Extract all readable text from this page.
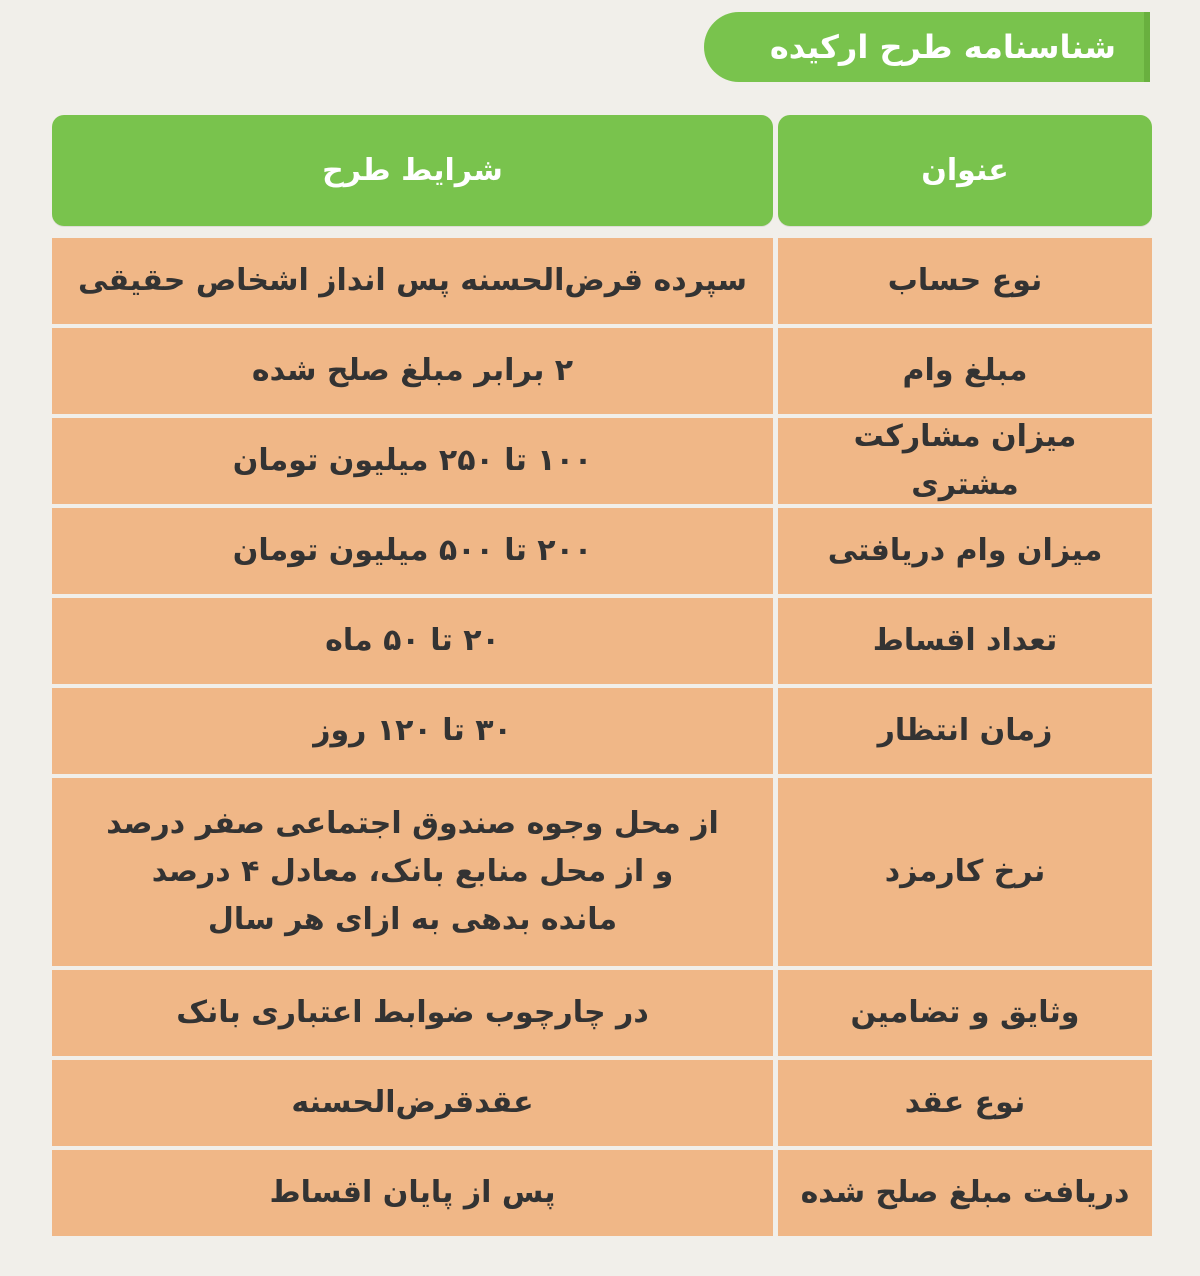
شناسنامه طرح ارکیده
عنوان
شرایط طرح
نوع حساب
سپرده قرض‌الحسنه پس انداز اشخاص حقیقی
مبلغ وام
۲ برابر مبلغ صلح شده
میزان مشارکت مشتری
۱۰۰ تا ۲۵۰ میلیون تومان
میزان وام دریافتی
۲۰۰ تا ۵۰۰ میلیون تومان
تعداد اقساط
۲۰ تا ۵۰ ماه
زمان انتظار
۳۰ تا ۱۲۰ روز
نرخ کارمزد
از محل وجوه صندوق اجتماعی صفر درصد
و از محل منابع بانک، معادل ۴ درصد
مانده بدهی به ازای هر سال
وثایق و تضامین
در چارچوب ضوابط اعتباری بانک
نوع عقد
عقدقرض‌الحسنه
دریافت مبلغ صلح شده
پس از پایان اقساط
